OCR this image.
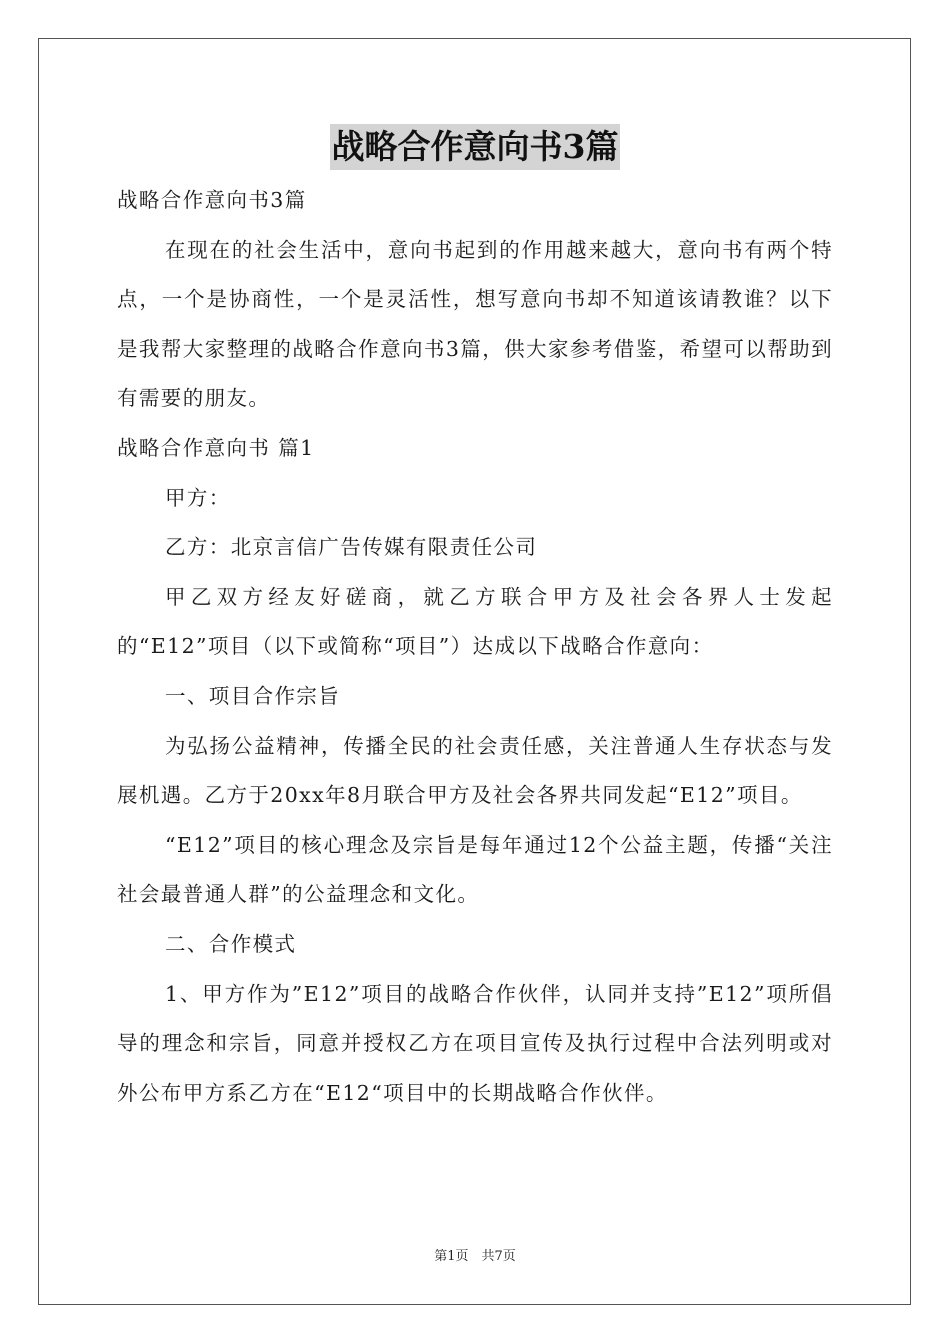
战略合作意向书3篇

战略合作意向书3篇

在现在的社会生活中，意向书起到的作用越来越大，意向书有两个特点，一个是协商性，一个是灵活性，想写意向书却不知道该请教谁？以下是我帮大家整理的战略合作意向书3篇，供大家参考借鉴，希望可以帮助到有需要的朋友。

战略合作意向书 篇1

甲方：

乙方：北京言信广告传媒有限责任公司

甲乙双方经友好磋商，就乙方联合甲方及社会各界人士发起的“E12”项目（以下或简称“项目”）达成以下战略合作意向：

一、项目合作宗旨

为弘扬公益精神，传播全民的社会责任感，关注普通人生存状态与发展机遇。乙方于20xx年8月联合甲方及社会各界共同发起“E12”项目。

“E12”项目的核心理念及宗旨是每年通过12个公益主题，传播“关注社会最普通人群”的公益理念和文化。

二、合作模式

1、甲方作为”E12”项目的战略合作伙伴，认同并支持”E12”项所倡导的理念和宗旨，同意并授权乙方在项目宣传及执行过程中合法列明或对外公布甲方系乙方在“E12“项目中的长期战略合作伙伴。

第1页　共7页
